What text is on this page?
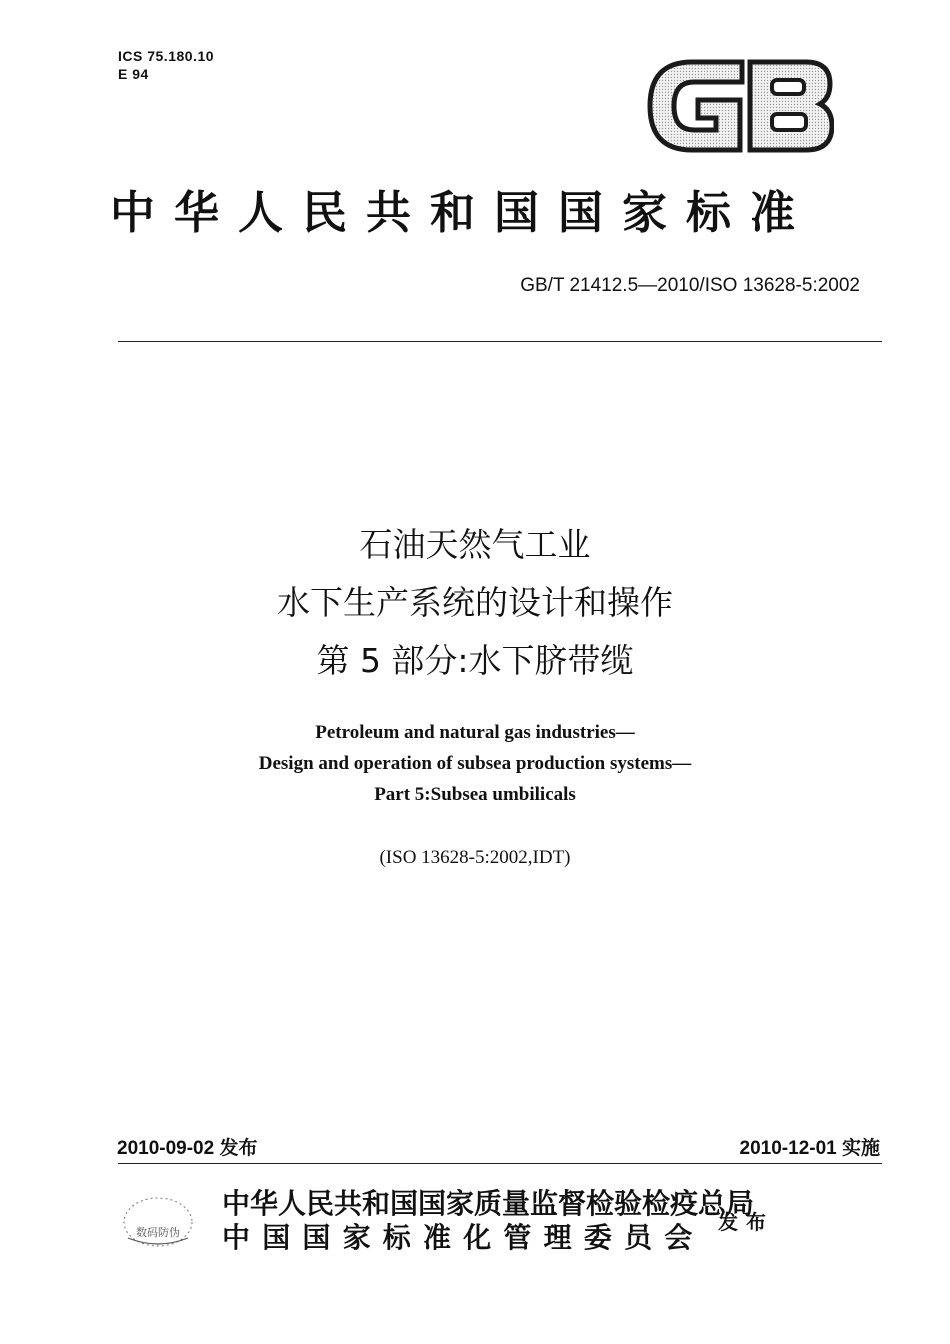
ICS 75.180.10
E 94
中华人民共和国国家标准
GB/T 21412.5—2010/ISO 13628-5:2002
石油天然气工业
水下生产系统的设计和操作
第 5 部分:水下脐带缆
Petroleum and natural gas industries—
Design and operation of subsea production systems—
Part 5:Subsea umbilicals
(ISO 13628-5:2002,IDT)
2010-09-02 发布	2010-12-01 实施
数码防伪
中华人民共和国国家质量监督检验检疫总局
中国国家标准化管理委员会 发布
